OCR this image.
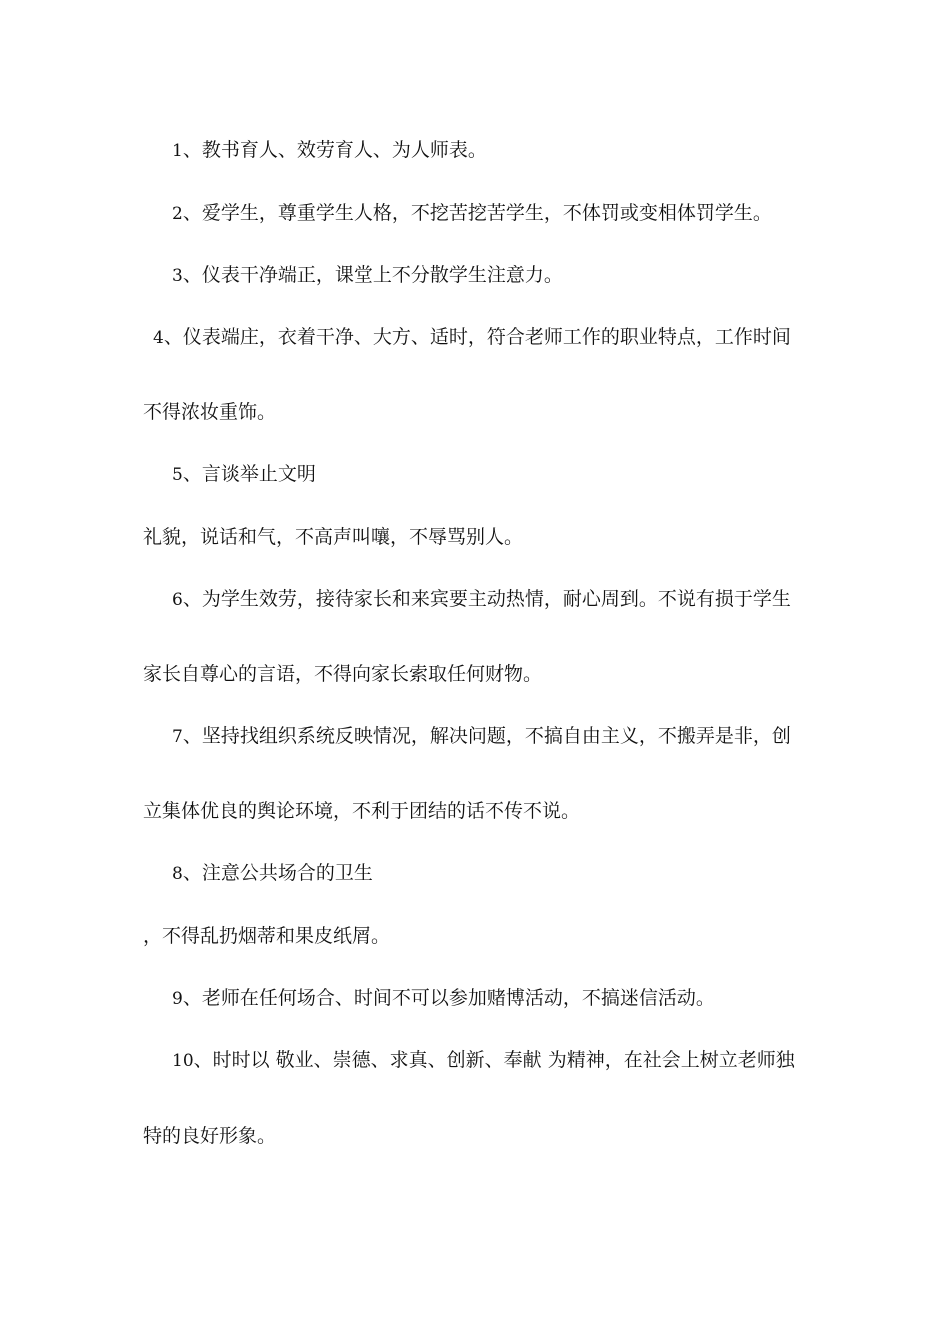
1、教书育人、效劳育人、为人师表。
2、爱学生，尊重学生人格，不挖苦挖苦学生，不体罚或变相体罚学生。
3、仪表干净端正，课堂上不分散学生注意力。
4、仪表端庄，衣着干净、大方、适时，符合老师工作的职业特点，工作时间
不得浓妆重饰。
5、言谈举止文明
礼貌，说话和气，不高声叫嚷，不辱骂别人。
6、为学生效劳，接待家长和来宾要主动热情，耐心周到。不说有损于学生
家长自尊心的言语，不得向家长索取任何财物。
7、坚持找组织系统反映情况，解决问题，不搞自由主义，不搬弄是非，创
立集体优良的舆论环境，不利于团结的话不传不说。
8、注意公共场合的卫生
，不得乱扔烟蒂和果皮纸屑。
9、老师在任何场合、时间不可以参加赌博活动，不搞迷信活动。
10、时时以 敬业、崇德、求真、创新、奉献 为精神，在社会上树立老师独
特的良好形象。
